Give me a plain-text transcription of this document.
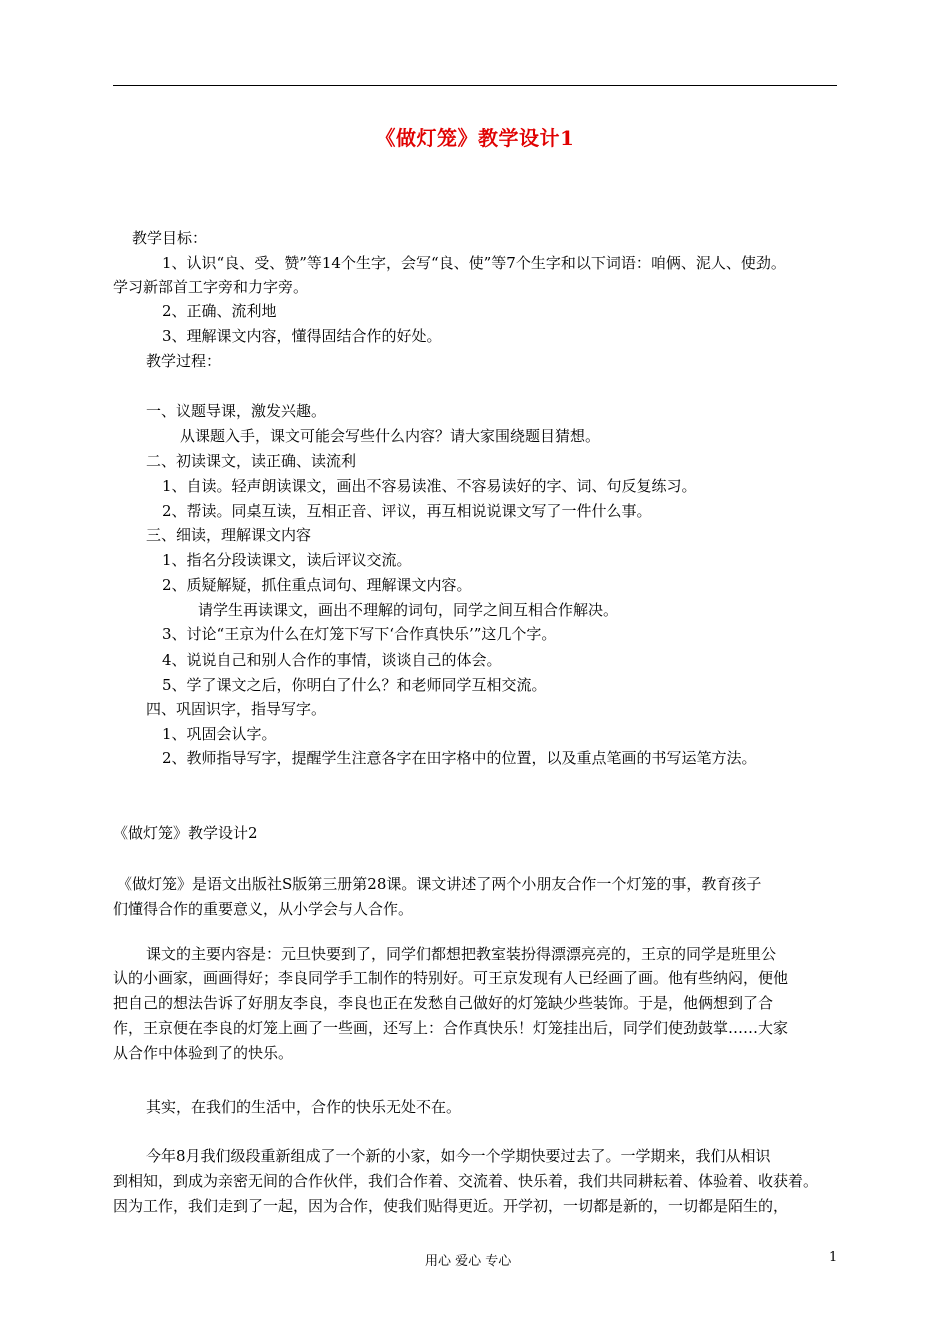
《做灯笼》教学设计1
教学目标：
1、认识“良、受、赞”等14个生字，会写“良、使”等7个生字和以下词语：咱俩、泥人、使劲。
学习新部首工字旁和力字旁。
2、正确、流利地
3、理解课文内容，懂得固结合作的好处。
教学过程：
一、议题导课，激发兴趣。
从课题入手，课文可能会写些什么内容？请大家围绕题目猜想。
二、初读课文，读正确、读流利
1、自读。轻声朗读课文，画出不容易读准、不容易读好的字、词、句反复练习。
2、帮读。同桌互读，互相正音、评议，再互相说说课文写了一件什么事。
三、细读，理解课文内容
1、指名分段读课文，读后评议交流。
2、质疑解疑，抓住重点词句、理解课文内容。
请学生再读课文，画出不理解的词句，同学之间互相合作解决。
3、讨论“王京为什么在灯笼下写下‘合作真快乐’”这几个字。
4、说说自己和别人合作的事情，谈谈自己的体会。
5、学了课文之后，你明白了什么？和老师同学互相交流。
四、巩固识字，指导写字。
1、巩固会认字。
2、教师指导写字，提醒学生注意各字在田字格中的位置，以及重点笔画的书写运笔方法。
《做灯笼》教学设计2
《做灯笼》是语文出版社S版第三册第28课。课文讲述了两个小朋友合作一个灯笼的事，教育孩子
们懂得合作的重要意义，从小学会与人合作。
课文的主要内容是：元旦快要到了，同学们都想把教室装扮得漂漂亮亮的，王京的同学是班里公
认的小画家，画画得好；李良同学手工制作的特别好。可王京发现有人已经画了画。他有些纳闷，便他
把自己的想法告诉了好朋友李良，李良也正在发愁自己做好的灯笼缺少些装饰。于是，他俩想到了合
作，王京便在李良的灯笼上画了一些画，还写上：合作真快乐！灯笼挂出后，同学们使劲鼓掌……大家
从合作中体验到了的快乐。
其实，在我们的生活中，合作的快乐无处不在。
今年8月我们级段重新组成了一个新的小家，如今一个学期快要过去了。一学期来，我们从相识
到相知，到成为亲密无间的合作伙伴，我们合作着、交流着、快乐着，我们共同耕耘着、体验着、收获着。
因为工作，我们走到了一起，因为合作，使我们贴得更近。开学初，一切都是新的，一切都是陌生的，
用心 爱心 专心	1
